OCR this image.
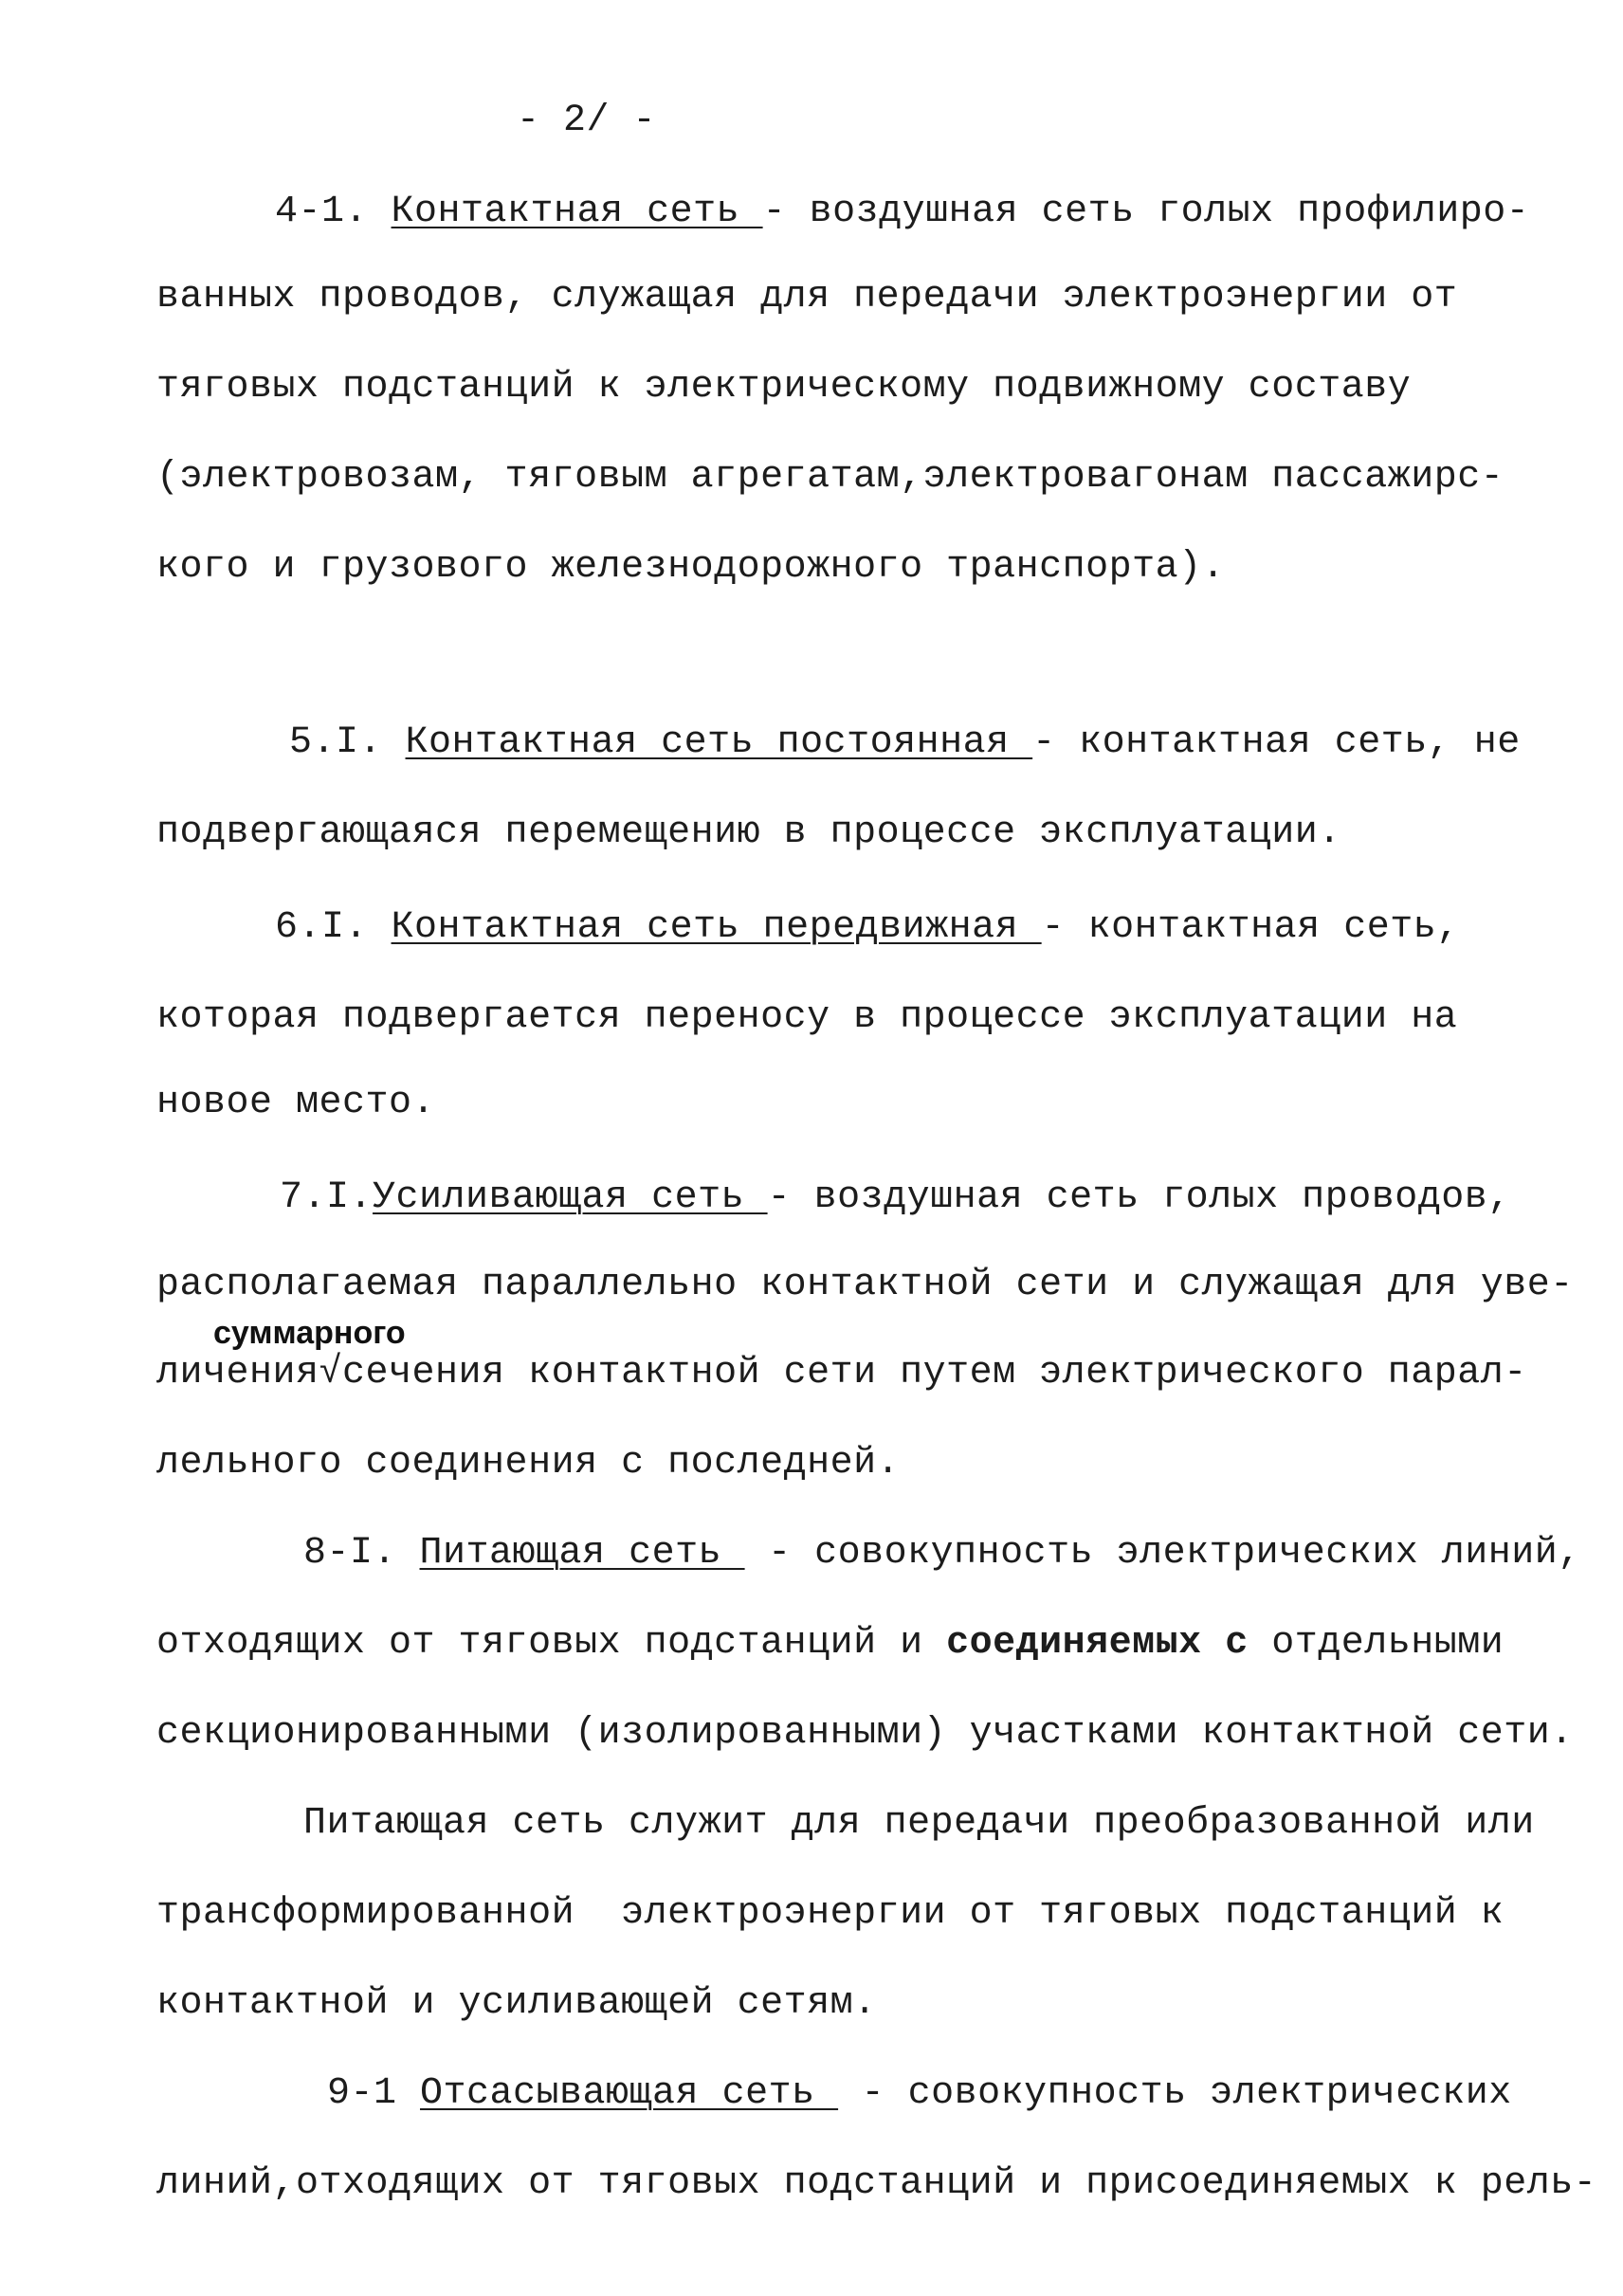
- 2/ -
4-1. Контактная сеть - воздушная сеть голых профилиро-
ванных проводов, служащая для передачи электроэнергии от
тяговых подстанций к электрическому подвижному составу
(электровозам, тяговым агрегатам,электровагонам пассажирс-
кого и грузового железнодорожного транспорта).
5.I. Контактная сеть постоянная - контактная сеть, не
подвергающаяся перемещению в процессе эксплуатации.
6.I. Контактная сеть передвижная - контактная сеть,
которая подвергается переносу в процессе эксплуатации на
новое место.
7.I.Усиливающая сеть - воздушная сеть голых проводов,
располагаемая параллельно контактной сети и служащая для уве-
суммарного
личения√сечения контактной сети путем электрического парал-
лельного соединения с последней.
8-I. Питающая сеть  - совокупность электрических линий,
отходящих от тяговых подстанций и соединяемых с отдельными
секционированными (изолированными) участками контактной сети.
Питающая сеть служит для передачи преобразованной или
трансформированной  электроэнергии от тяговых подстанций к
контактной и усиливающей сетям.
9-1 Отсасывающая сеть  - совокупность электрических
линий,отходящих от тяговых подстанций и присоединяемых к рель-
